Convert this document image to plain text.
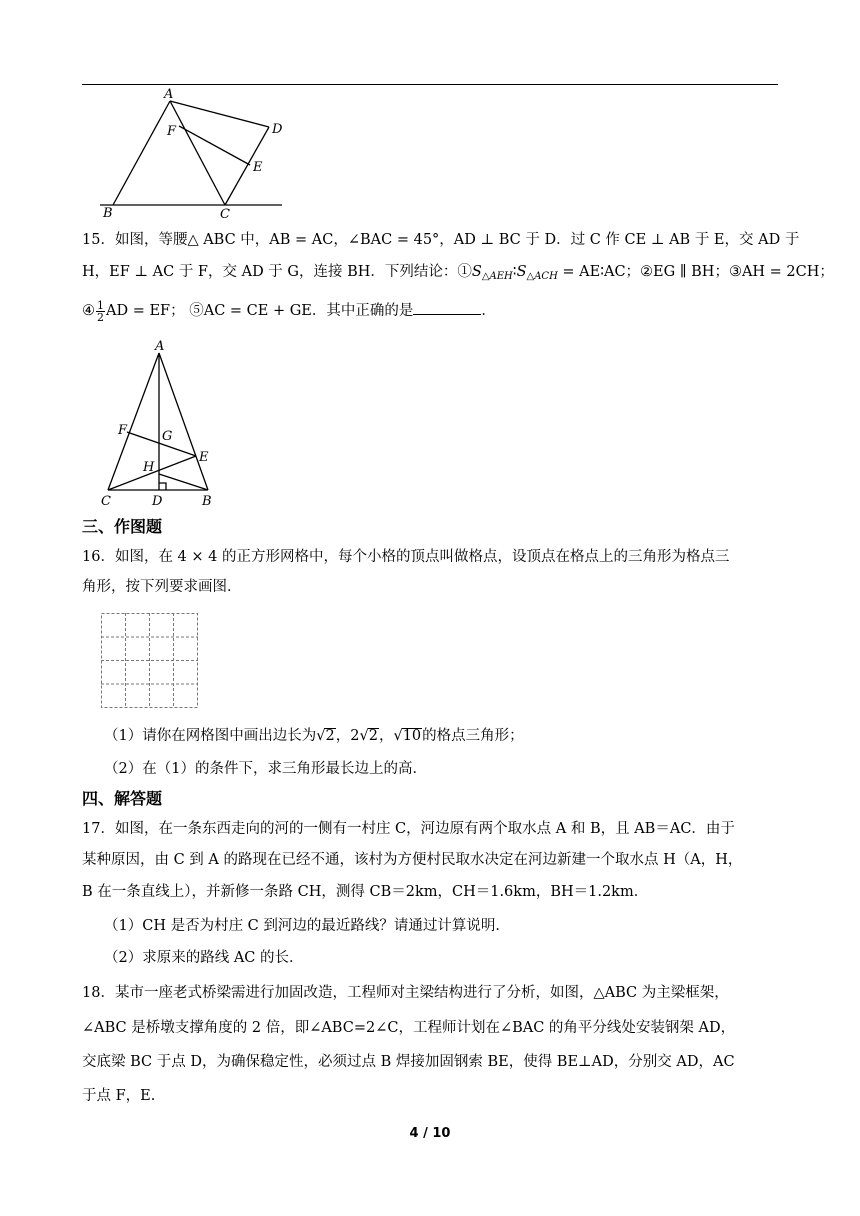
A
B	C
D
E
F
15．如图，等腰△ ABC 中，AB = AC，∠BAC = 45°，AD ⊥ BC 于 D．过 C 作 CE ⊥ AB 于 E，交 AD 于
H，EF ⊥ AC 于 F，交 AD 于 G，连接 BH．下列结论：$①S_{\triangle AEH}∶S_{\triangle ACH}$ = AE∶AC；②EG ∥ BH；③AH = 2CH；
④ $\frac{1}{2}$ AD = EF； ⑤AC = CE + GE．其中正确的是	．
A
B
C	D
E
F	G
H
三、作图题
16．如图，在 4 × 4 的正方形网格中，每个小格的顶点叫做格点，设顶点在格点上的三角形为格点三
角形，按下列要求画图．
（1）请你在网格图中画出边长为√2，2√2，√10的格点三角形；
（2）在（1）的条件下，求三角形最长边上的高．
四、解答题
17．如图，在一条东西走向的河的一侧有一村庄 C，河边原有两个取水点 A 和 B，且 AB＝AC．由于
某种原因，由 C 到 A 的路现在已经不通，该村为方便村民取水决定在河边新建一个取水点 H（A，H，
B 在一条直线上），并新修一条路 CH，测得 CB＝2km，CH＝1.6km，BH＝1.2km．
（1）CH 是否为村庄 C 到河边的最近路线？请通过计算说明．
（2）求原来的路线 AC 的长．
18．某市一座老式桥梁需进行加固改造，工程师对主梁结构进行了分析，如图，△ABC 为主梁框架，
∠ABC 是桥墩支撑角度的 2 倍，即∠ABC=2∠C，工程师计划在∠BAC 的角平分线处安装钢架 AD，
交底梁 BC 于点 D，为确保稳定性，必须过点 B 焊接加固钢索 BE，使得 BE⊥AD，分别交 AD，AC
于点 F，E.
4 / 10
